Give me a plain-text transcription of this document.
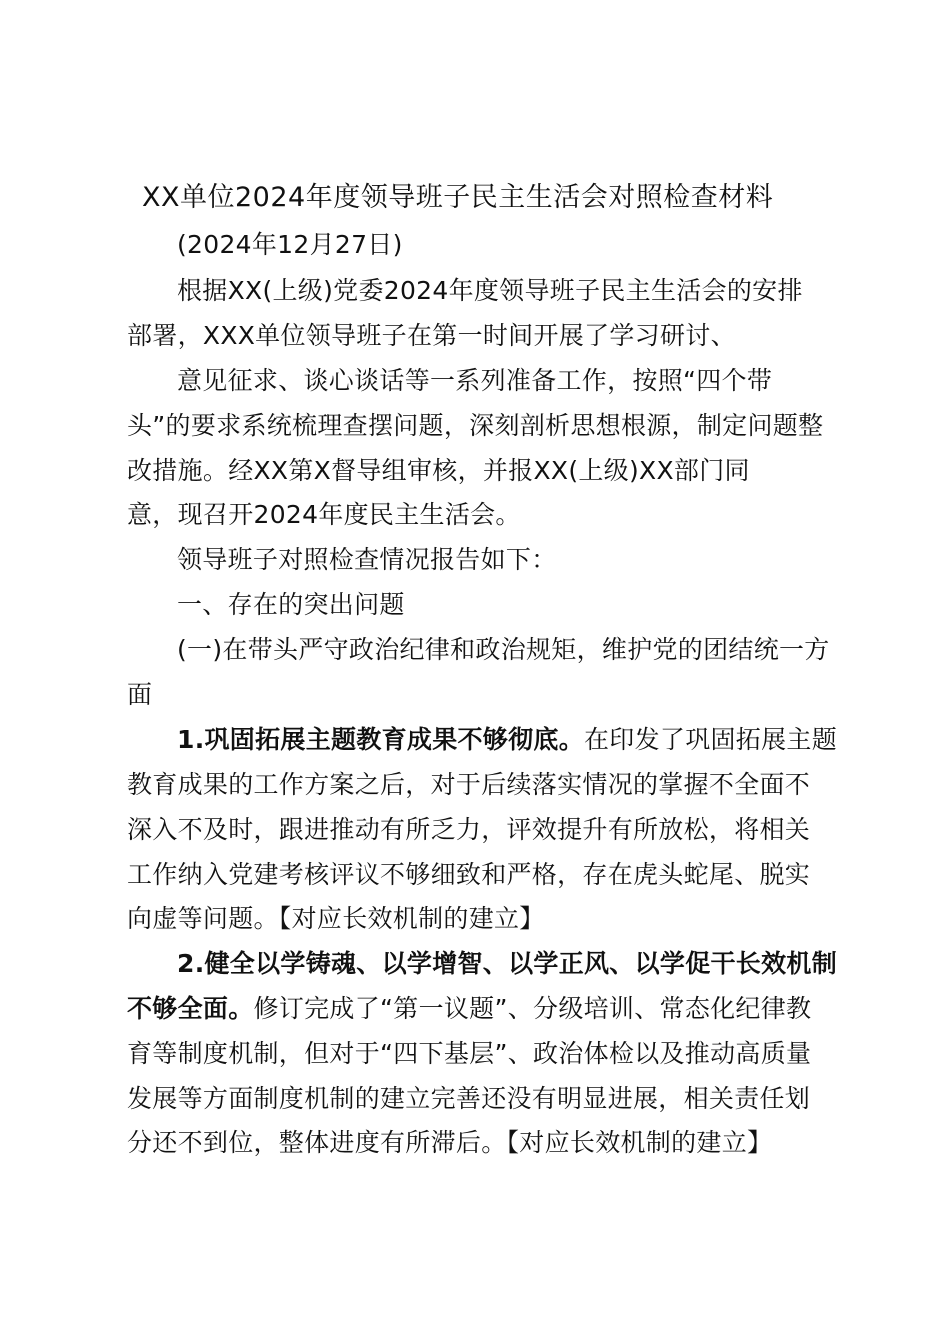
XX单位2024年度领导班子民主生活会对照检查材料
(2024年12月27日)
根据XX(上级)党委2024年度领导班子民主生活会的安排
部署，XXX单位领导班子在第一时间开展了学习研讨、
意见征求、谈心谈话等一系列准备工作，按照“四个带
头”的要求系统梳理查摆问题，深刻剖析思想根源，制定问题整
改措施。经XX第X督导组审核，并报XX(上级)XX部门同
意，现召开2024年度民主生活会。
领导班子对照检查情况报告如下：
一、存在的突出问题
(一)在带头严守政治纪律和政治规矩，维护党的团结统一方
面
1.巩固拓展主题教育成果不够彻底。在印发了巩固拓展主题
教育成果的工作方案之后，对于后续落实情况的掌握不全面不
深入不及时，跟进推动有所乏力，评效提升有所放松，将相关
工作纳入党建考核评议不够细致和严格，存在虎头蛇尾、脱实
向虚等问题。【对应长效机制的建立】
2.健全以学铸魂、以学增智、以学正风、以学促干长效机制
不够全面。修订完成了“第一议题”、分级培训、常态化纪律教
育等制度机制，但对于“四下基层”、政治体检以及推动高质量
发展等方面制度机制的建立完善还没有明显进展，相关责任划
分还不到位，整体进度有所滞后。【对应长效机制的建立】
